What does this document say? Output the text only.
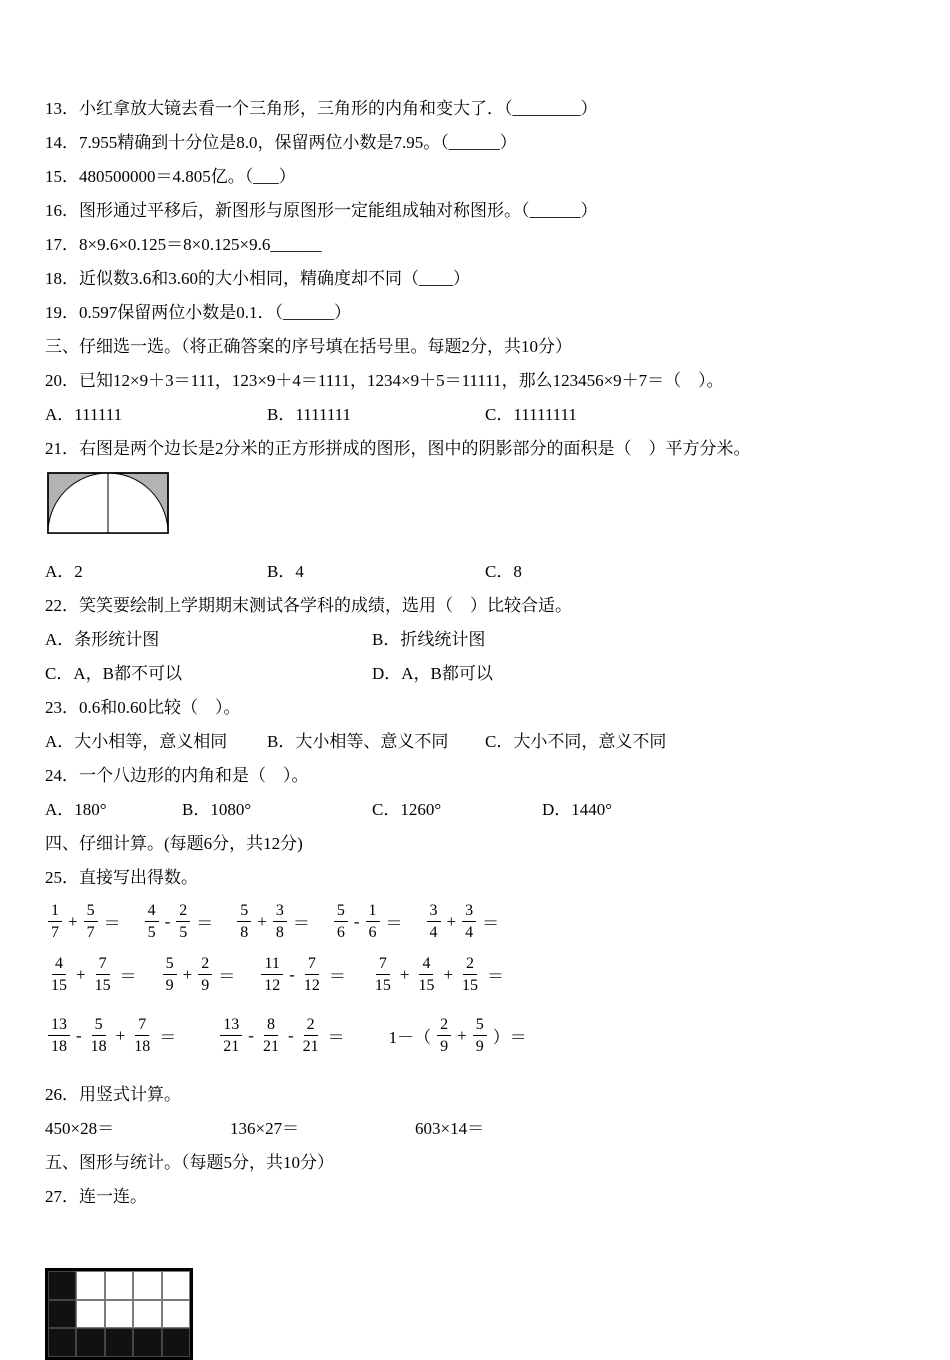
13．小红拿放大镜去看一个三角形，三角形的内角和变大了．（________）
14．7.955精确到十分位是8.0，保留两位小数是7.95。（______）
15．480500000＝4.805亿。（___）
16．图形通过平移后，新图形与原图形一定能组成轴对称图形。（______）
17．8×9.6×0.125＝8×0.125×9.6______
18．近似数3.6和3.60的大小相同，精确度却不同（____）
19．0.597保留两位小数是0.1．（______）
三、仔细选一选。（将正确答案的序号填在括号里。每题2分，共10分）
20．已知12×9＋3＝111，123×9＋4＝1111，1234×9＋5＝11111，那么123456×9＋7＝（　）。
A．111111	B．1111111	C．11111111
21．右图是两个边长是2分米的正方形拼成的图形，图中的阴影部分的面积是（　）平方分米。
A．2	B．4	C．8
22．笑笑要绘制上学期期末测试各学科的成绩，选用（　）比较合适。
A．条形统计图	B．折线统计图
C．A，B都不可以	D．A，B都可以
23．0.6和0.60比较（　）。
A．大小相等，意义相同	B．大小相等、意义不同	C．大小不同，意义不同
24．一个八边形的内角和是（　）。
A．180°	B．1080°	C．1260°	D．1440°
四、仔细计算。(每题6分，共12分)
25．直接写出得数。
$\frac{1}{7} + \frac{5}{7} = \frac{4}{5} - \frac{2}{5} = \frac{5}{8} + \frac{3}{8} = \frac{5}{6} - \frac{1}{6} = \frac{3}{4} + \frac{3}{4}$ ＝
$\frac{4}{15} + \frac{7}{15} = \frac{5}{9} + \frac{2}{9} = \frac{11}{12} - \frac{7}{12} = \frac{7}{15} + \frac{4}{15} + \frac{2}{15}$ ＝
$\frac{13}{18} - \frac{5}{18} + \frac{7}{18}$ ＝	$\frac{13}{21} - \frac{8}{21} - \frac{2}{21}$ ＝	$1-( \frac{2}{9} + \frac{5}{9}$ ）＝
26．用竖式计算。
450×28＝	136×27＝	603×14＝
五、图形与统计。（每题5分，共10分）
27．连一连。
